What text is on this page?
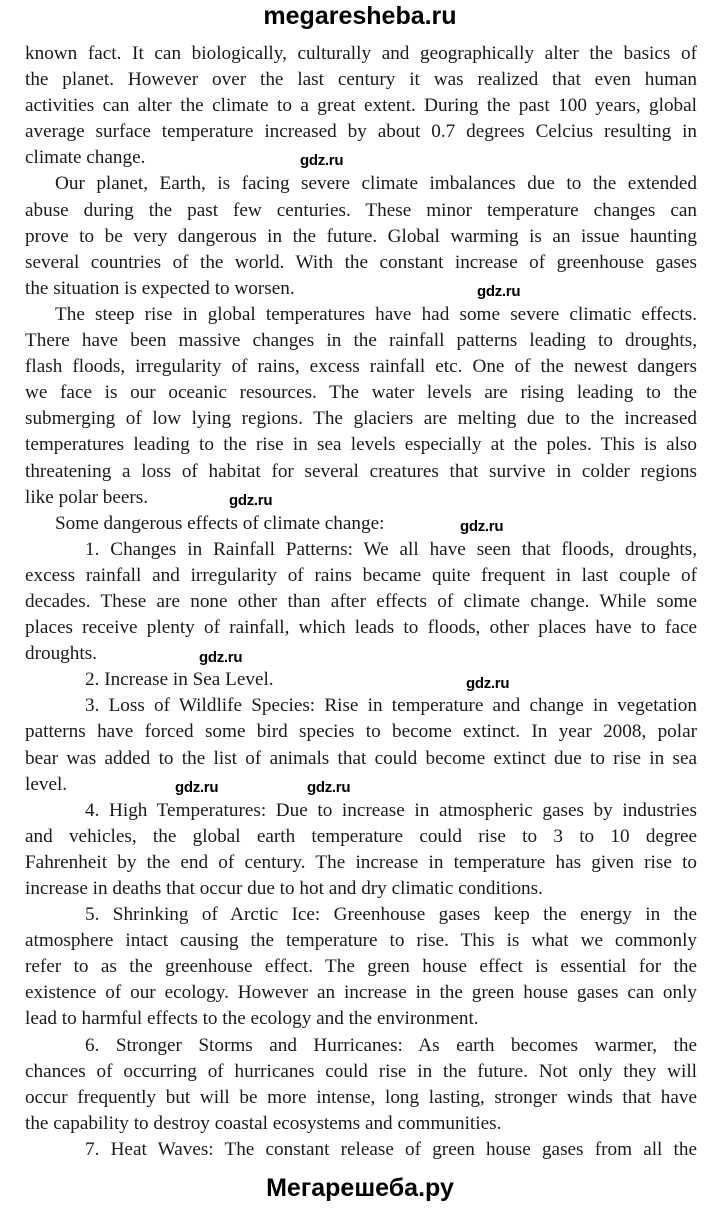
megaresheba.ru
known fact. It can biologically, culturally and geographically alter the basics of
the planet. However over the last century it was realized that even human
activities can alter the climate to a great extent. During the past 100 years, global
average surface temperature increased by about 0.7 degrees Celcius resulting in
climate change.
Our planet, Earth, is facing severe climate imbalances due to the extended
abuse during the past few centuries. These minor temperature changes can
prove to be very dangerous in the future. Global warming is an issue haunting
several countries of the world. With the constant increase of greenhouse gases
the situation is expected to worsen.
The steep rise in global temperatures have had some severe climatic effects.
There have been massive changes in the rainfall patterns leading to droughts,
flash floods, irregularity of rains, excess rainfall etc. One of the newest dangers
we face is our oceanic resources. The water levels are rising leading to the
submerging of low lying regions. The glaciers are melting due to the increased
temperatures leading to the rise in sea levels especially at the poles. This is also
threatening a loss of habitat for several creatures that survive in colder regions
like polar beers.
Some dangerous effects of climate change:
1. Changes in Rainfall Patterns: We all have seen that floods, droughts,
excess rainfall and irregularity of rains became quite frequent in last couple of
decades. These are none other than after effects of climate change. While some
places receive plenty of rainfall, which leads to floods, other places have to face
droughts.
2. Increase in Sea Level.
3. Loss of Wildlife Species: Rise in temperature and change in vegetation
patterns have forced some bird species to become extinct. In year 2008, polar
bear was added to the list of animals that could become extinct due to rise in sea
level.
4. High Temperatures: Due to increase in atmospheric gases by industries
and vehicles, the global earth temperature could rise to 3 to 10 degree
Fahrenheit by the end of century. The increase in temperature has given rise to
increase in deaths that occur due to hot and dry climatic conditions.
5. Shrinking of Arctic Ice: Greenhouse gases keep the energy in the
atmosphere intact causing the temperature to rise. This is what we commonly
refer to as the greenhouse effect. The green house effect is essential for the
existence of our ecology. However an increase in the green house gases can only
lead to harmful effects to the ecology and the environment.
6. Stronger Storms and Hurricanes: As earth becomes warmer, the
chances of occurring of hurricanes could rise in the future. Not only they will
occur frequently but will be more intense, long lasting, stronger winds that have
the capability to destroy coastal ecosystems and communities.
7. Heat Waves: The constant release of green house gases from all the
gdz.ru
gdz.ru
gdz.ru
gdz.ru
gdz.ru
gdz.ru
gdz.ru
gdz.ru
Мегарешеба.ру
